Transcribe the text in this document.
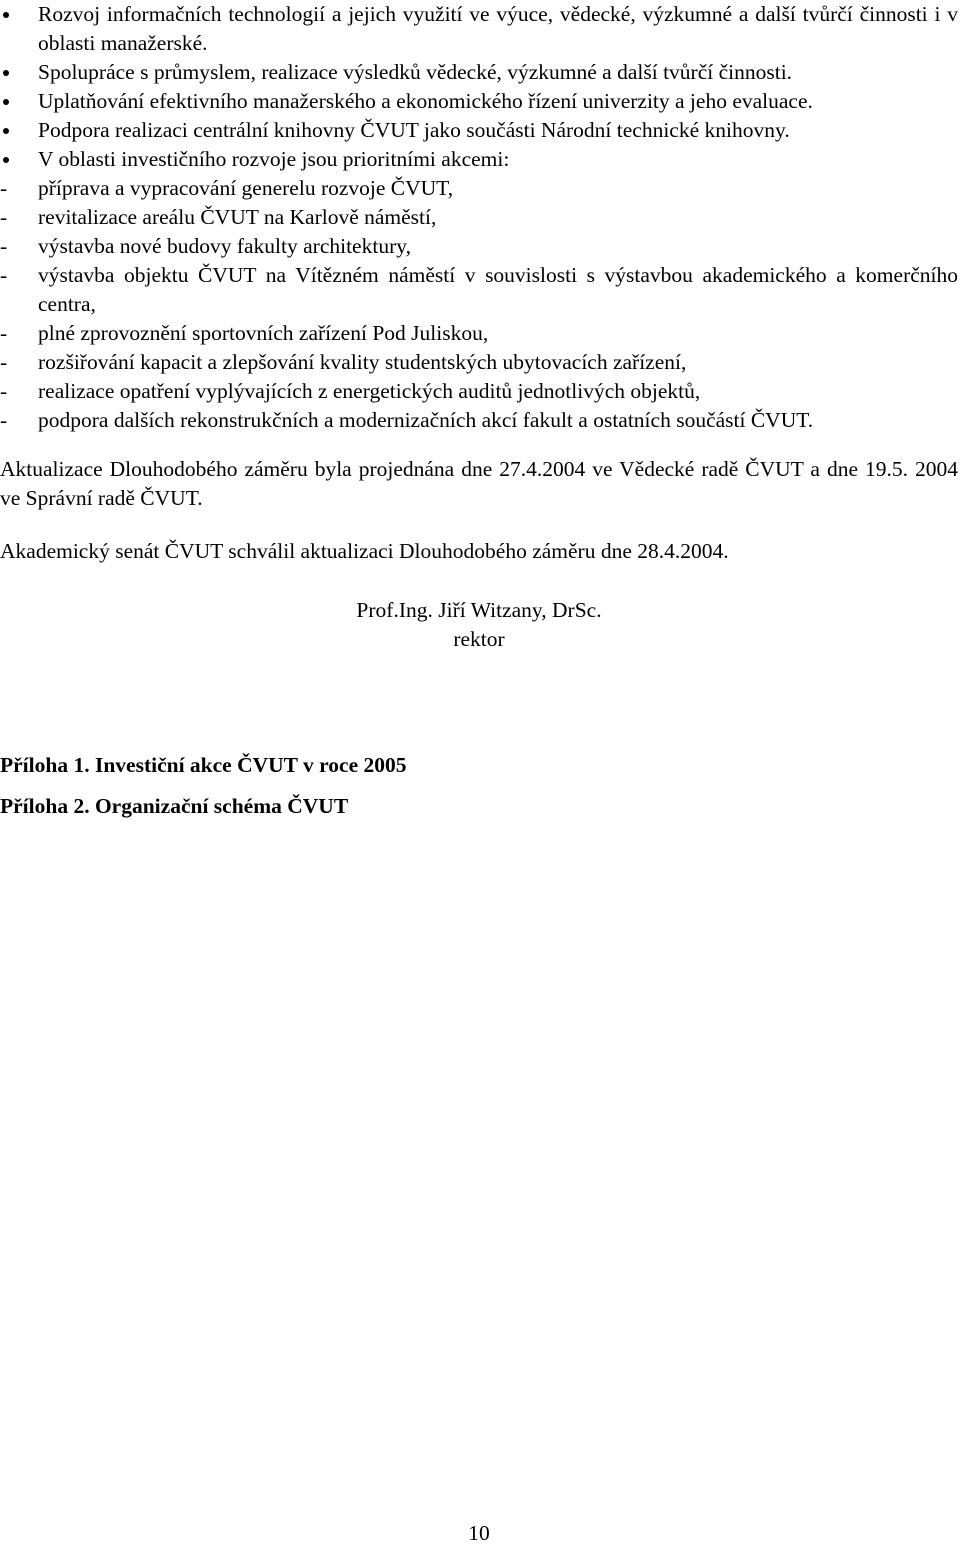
Rozvoj informačních technologií a jejich využití ve výuce, vědecké, výzkumné a další tvůrčí činnosti i v oblasti manažerské.
Spolupráce s průmyslem, realizace výsledků vědecké, výzkumné a další tvůrčí činnosti.
Uplatňování efektivního manažerského a ekonomického řízení univerzity a jeho evaluace.
Podpora realizaci centrální knihovny ČVUT jako součásti Národní technické knihovny.
V oblasti investičního rozvoje jsou prioritními akcemi:
- příprava a vypracování generelu rozvoje ČVUT,
- revitalizace areálu ČVUT na Karlově náměstí,
- výstavba nové budovy fakulty architektury,
- výstavba objektu ČVUT na Vítězném náměstí v souvislosti s výstavbou akademického a komerčního centra,
- plné zprovoznění sportovních zařízení Pod Juliskou,
- rozšiřování kapacit a zlepšování kvality studentských ubytovacích zařízení,
- realizace opatření vyplývajících z energetických auditů jednotlivých objektů,
- podpora dalších rekonstrukčních a modernizačních akcí fakult a ostatních součástí ČVUT.

Aktualizace Dlouhodobého záměru byla projednána dne 27.4.2004 ve Vědecké radě ČVUT a dne 19.5. 2004 ve Správní radě ČVUT.

Akademický senát ČVUT schválil aktualizaci Dlouhodobého záměru dne 28.4.2004.

Prof.Ing. Jiří Witzany, DrSc.
rektor
Příloha 1. Investiční akce ČVUT v roce 2005
Příloha 2. Organizační schéma ČVUT
10
